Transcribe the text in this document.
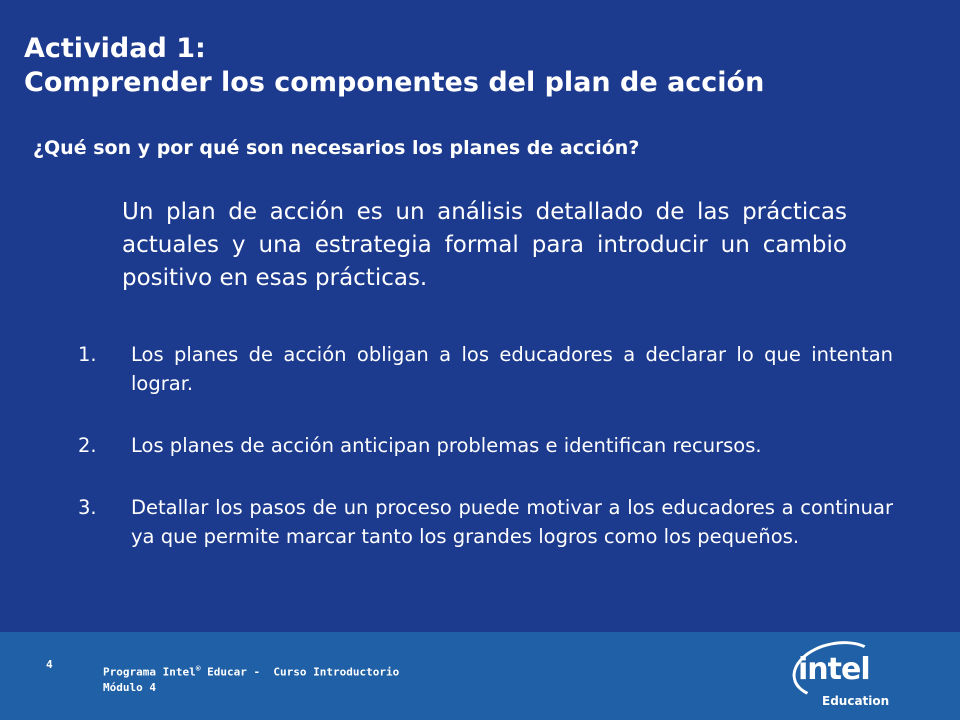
Actividad 1:
Comprender los componentes del plan de acción

¿Qué son y por qué son necesarios los planes de acción?

Un plan de acción es un análisis detallado de las prácticas actuales y una estrategia formal para introducir un cambio positivo en esas prácticas.

1. Los planes de acción obligan a los educadores a declarar lo que intentan lograr.
2. Los planes de acción anticipan problemas e identifican recursos.
3. Detallar los pasos de un proceso puede motivar a los educadores a continuar ya que permite marcar tanto los grandes logros como los pequeños.
4
Programa Intel® Educar -  Curso Introductorio
Módulo 4
intel
Education
